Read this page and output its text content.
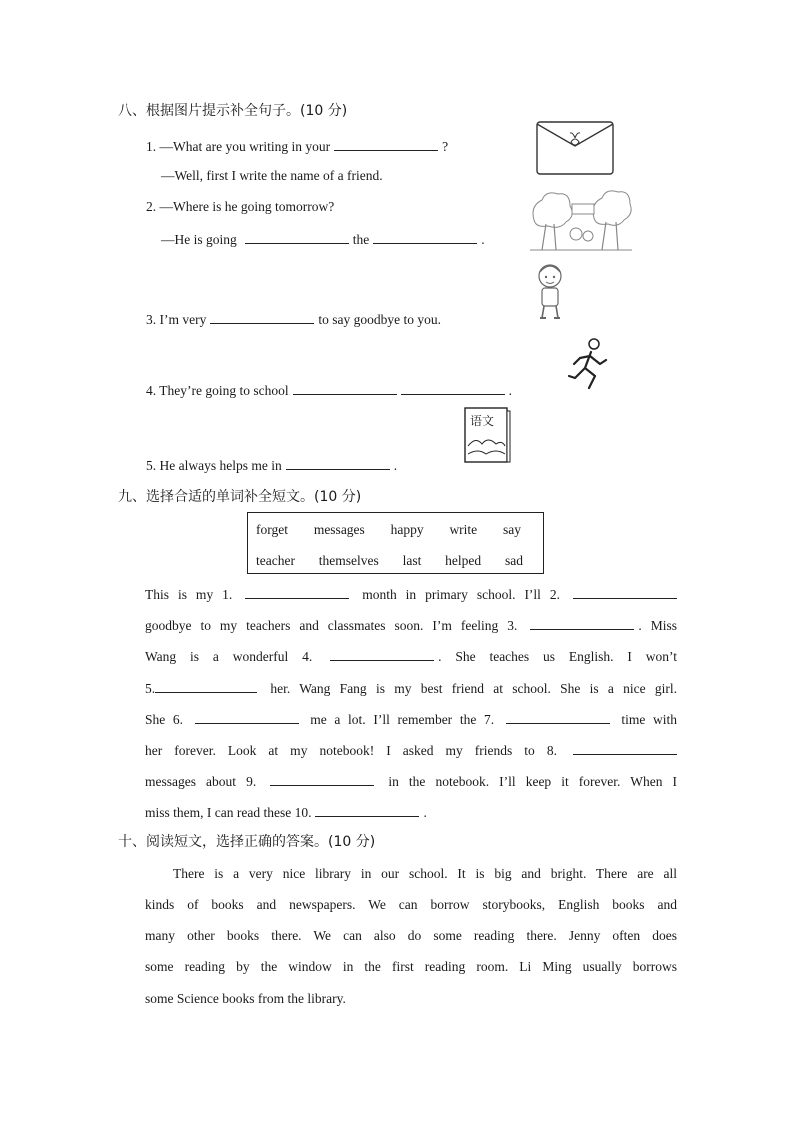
八、根据图片提示补全句子。(10 分)
1. —What are you writing in your	?
—Well, first I write the name of a friend.
2. —Where is he going tomorrow?
—He is going	the	.
3. I’m very	to say goodbye to you.
4. They’re going to school	.
5. He always helps me in	.
语文
九、选择合适的单词补全短文。(10 分)
forget messages happy write say
teacher themselves last helped sad
This is my 1.	month in primary school. I’ll 2.
goodbye to my teachers and classmates soon. I’m feeling 3.	. Miss
Wang is a wonderful 4.	. She teaches us English. I won’t
5.	her. Wang Fang is my best friend at school. She is a nice girl.
She 6.	me a lot. I’ll remember the 7.	time with
her forever. Look at my notebook! I asked my friends to 8.
messages about 9.	in the notebook. I’ll keep it forever. When I
miss them, I can read these 10.	.
十、阅读短文，选择正确的答案。(10 分)
There is a very nice library in our school. It is big and bright. There are all
kinds of books and newspapers. We can borrow storybooks, English books and
many other books there. We can also do some reading there. Jenny often does
some reading by the window in the first reading room. Li Ming usually borrows
some Science books from the library.
